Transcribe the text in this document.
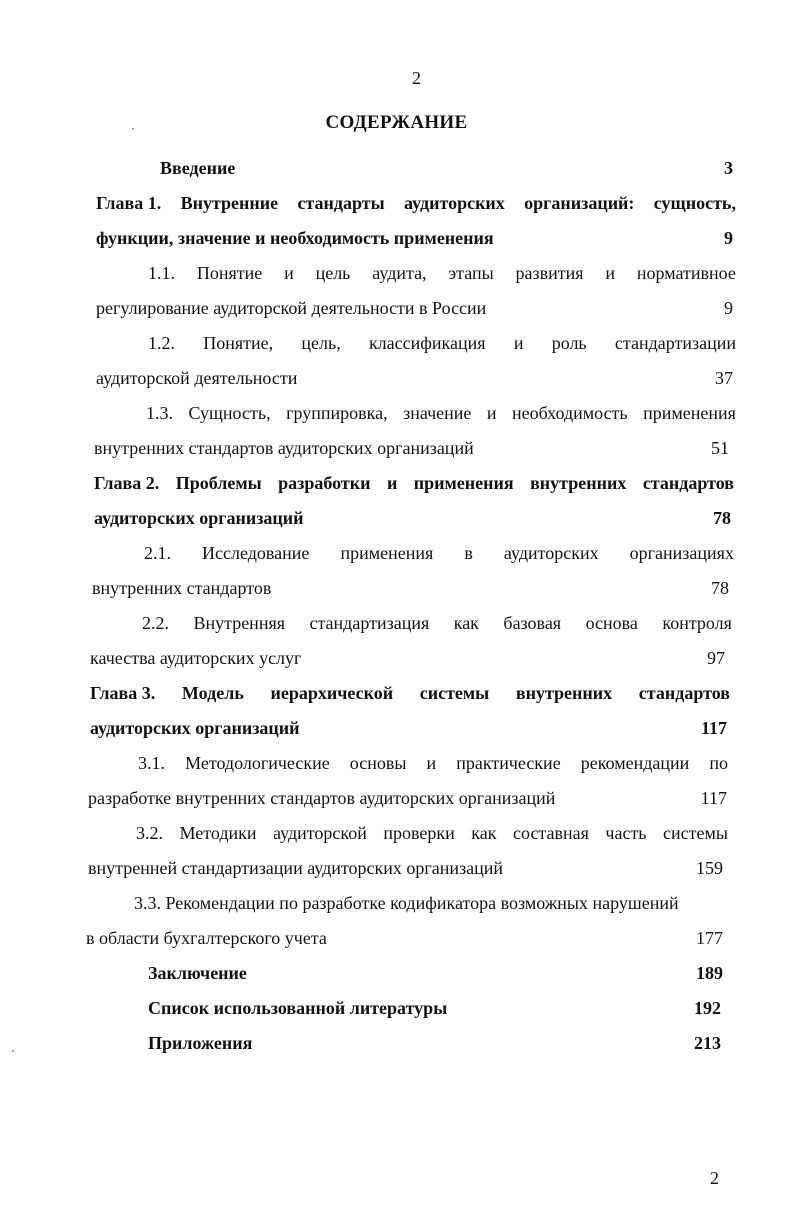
2
СОДЕРЖАНИЕ
Введение	3
Глава 1. Внутренние стандарты аудиторских организаций: сущность,
функции, значение и необходимость применения	9
1.1. Понятие и цель аудита, этапы развития и нормативное
регулирование аудиторской деятельности в России	9
1.2. Понятие, цель, классификация и роль стандартизации
аудиторской деятельности	37
1.3. Сущность, группировка, значение и необходимость применения
внутренних стандартов аудиторских организаций	51
Глава 2. Проблемы разработки и применения внутренних стандартов
аудиторских организаций	78
2.1. Исследование применения в аудиторских организациях
внутренних стандартов	78
2.2. Внутренняя стандартизация как базовая основа контроля
качества аудиторских услуг	97
Глава 3. Модель иерархической системы внутренних стандартов
аудиторских организаций	117
3.1. Методологические основы и практические рекомендации по
разработке внутренних стандартов аудиторских организаций	117
3.2. Методики аудиторской проверки как составная часть системы
внутренней стандартизации аудиторских организаций	159
3.3. Рекомендации по разработке кодификатора возможных нарушений
в области бухгалтерского учета	177
Заключение	189
Список использованной литературы	192
Приложения	213
2
